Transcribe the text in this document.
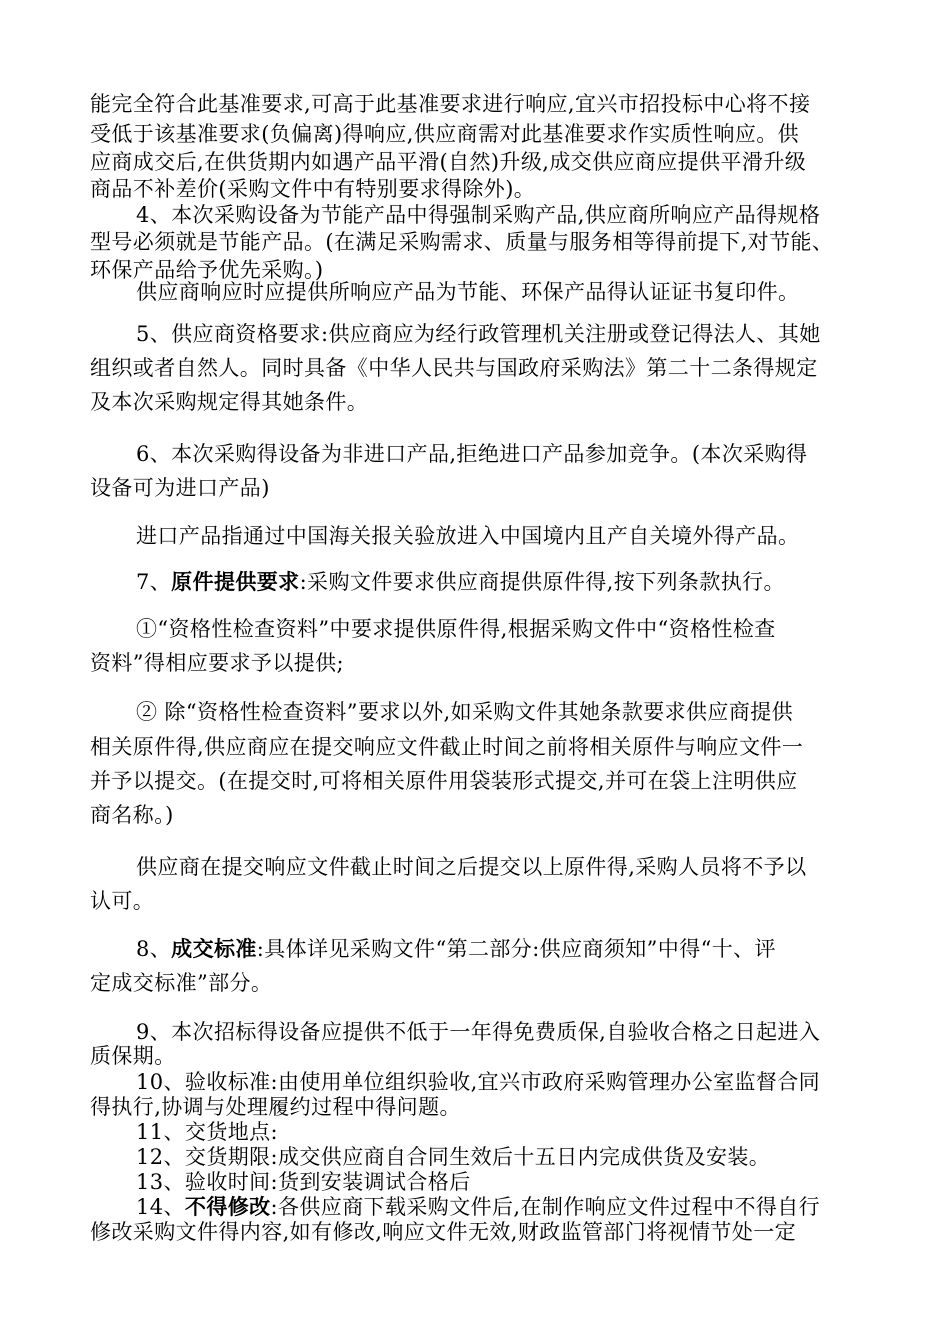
能完全符合此基准要求,可高于此基准要求进行响应,宜兴市招投标中心将不接
受低于该基准要求(负偏离)得响应,供应商需对此基准要求作实质性响应。供
应商成交后,在供货期内如遇产品平滑(自然)升级,成交供应商应提供平滑升级
商品不补差价(采购文件中有特别要求得除外)。
4、本次采购设备为节能产品中得强制采购产品,供应商所响应产品得规格
型号必须就是节能产品。(在满足采购需求、质量与服务相等得前提下,对节能、
环保产品给予优先采购。)
供应商响应时应提供所响应产品为节能、环保产品得认证证书复印件。
5、供应商资格要求:供应商应为经行政管理机关注册或登记得法人、其她
组织或者自然人。同时具备《中华人民共与国政府采购法》第二十二条得规定
及本次采购规定得其她条件。
6、本次采购得设备为非进口产品,拒绝进口产品参加竞争。(本次采购得
设备可为进口产品)
进口产品指通过中国海关报关验放进入中国境内且产自关境外得产品。
7、原件提供要求:采购文件要求供应商提供原件得,按下列条款执行。
①“资格性检查资料”中要求提供原件得,根据采购文件中“资格性检查
资料”得相应要求予以提供;
② 除“资格性检查资料”要求以外,如采购文件其她条款要求供应商提供
相关原件得,供应商应在提交响应文件截止时间之前将相关原件与响应文件一
并予以提交。(在提交时,可将相关原件用袋装形式提交,并可在袋上注明供应
商名称。)
供应商在提交响应文件截止时间之后提交以上原件得,采购人员将不予以
认可。
8、成交标准:具体详见采购文件“第二部分:供应商须知”中得“十、评
定成交标准”部分。
9、本次招标得设备应提供不低于一年得免费质保,自验收合格之日起进入
质保期。
10、验收标准:由使用单位组织验收,宜兴市政府采购管理办公室监督合同
得执行,协调与处理履约过程中得问题。
11、交货地点:
12、交货期限:成交供应商自合同生效后十五日内完成供货及安装。
13、验收时间:货到安装调试合格后
14、不得修改:各供应商下载采购文件后,在制作响应文件过程中不得自行
修改采购文件得内容,如有修改,响应文件无效,财政监管部门将视情节处一定
